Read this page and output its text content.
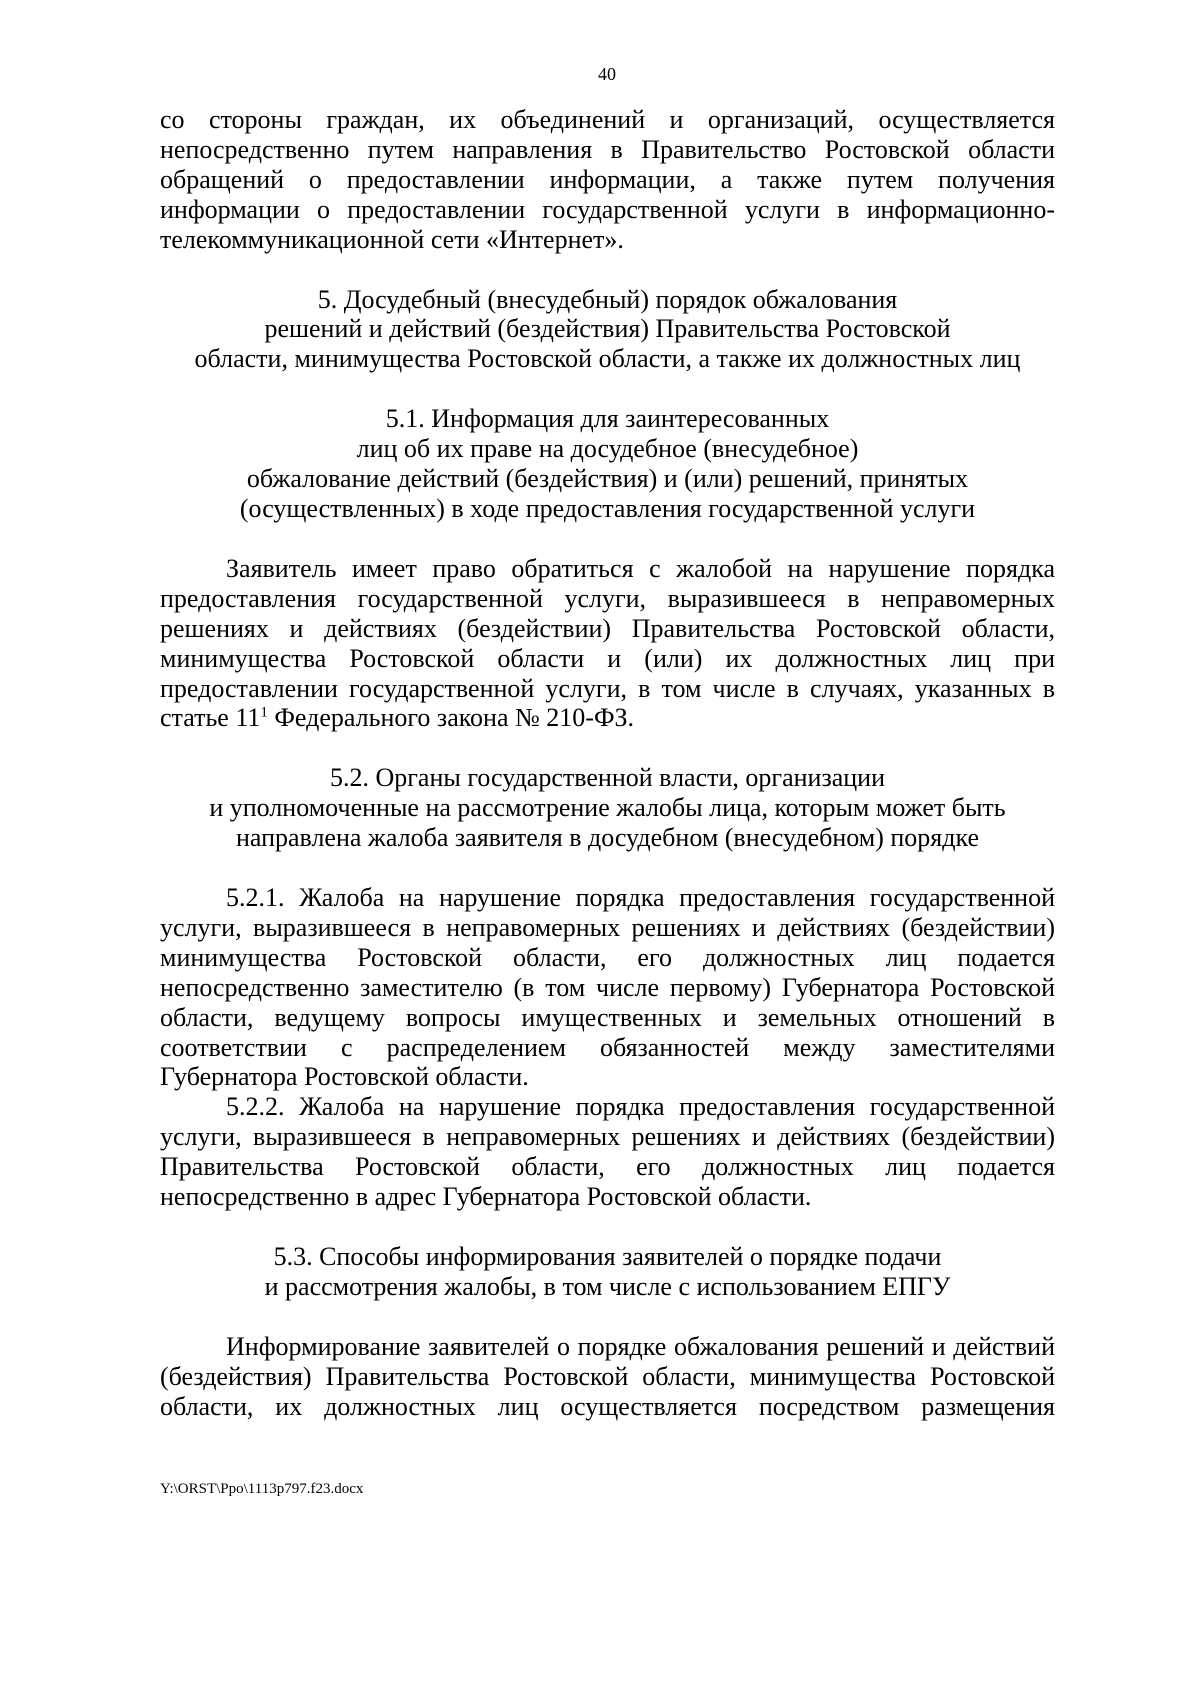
40

со стороны граждан, их объединений и организаций, осуществляется непосредственно путем направления в Правительство Ростовской области обращений о предоставлении информации, а также путем получения информации о предоставлении государственной услуги в информационно-телекоммуникационной сети «Интернет».

5. Досудебный (внесудебный) порядок обжалования

решений и действий (бездействия) Правительства Ростовской

области, минимущества Ростовской области, а также их должностных лиц

5.1. Информация для заинтересованных

лиц об их праве на досудебное (внесудебное)

обжалование действий (бездействия) и (или) решений, принятых

(осуществленных) в ходе предоставления государственной услуги

Заявитель имеет право обратиться с жалобой на нарушение порядка предоставления государственной услуги, выразившееся в неправомерных решениях и действиях (бездействии) Правительства Ростовской области, минимущества Ростовской области и (или) их должностных лиц при предоставлении государственной услуги, в том числе в случаях, указанных в статье $11^1$ Федерального закона № 210-ФЗ.

5.2. Органы государственной власти, организации

и уполномоченные на рассмотрение жалобы лица, которым может быть

направлена жалоба заявителя в досудебном (внесудебном) порядке

5.2.1. Жалоба на нарушение порядка предоставления государственной услуги, выразившееся в неправомерных решениях и действиях (бездействии) минимущества Ростовской области, его должностных лиц подается непосредственно заместителю (в том числе первому) Губернатора Ростовской области, ведущему вопросы имущественных и земельных отношений в соответствии с распределением обязанностей между заместителями Губернатора Ростовской области.

5.2.2. Жалоба на нарушение порядка предоставления государственной услуги, выразившееся в неправомерных решениях и действиях (бездействии) Правительства Ростовской области, его должностных лиц подается непосредственно в адрес Губернатора Ростовской области.

5.3. Способы информирования заявителей о порядке подачи

и рассмотрения жалобы, в том числе с использованием ЕПГУ

Информирование заявителей о порядке обжалования решений и действий (бездействия) Правительства Ростовской области, минимущества Ростовской области, их должностных лиц осуществляется посредством размещения

Y:\ORST\Ppo\1113p797.f23.docx
